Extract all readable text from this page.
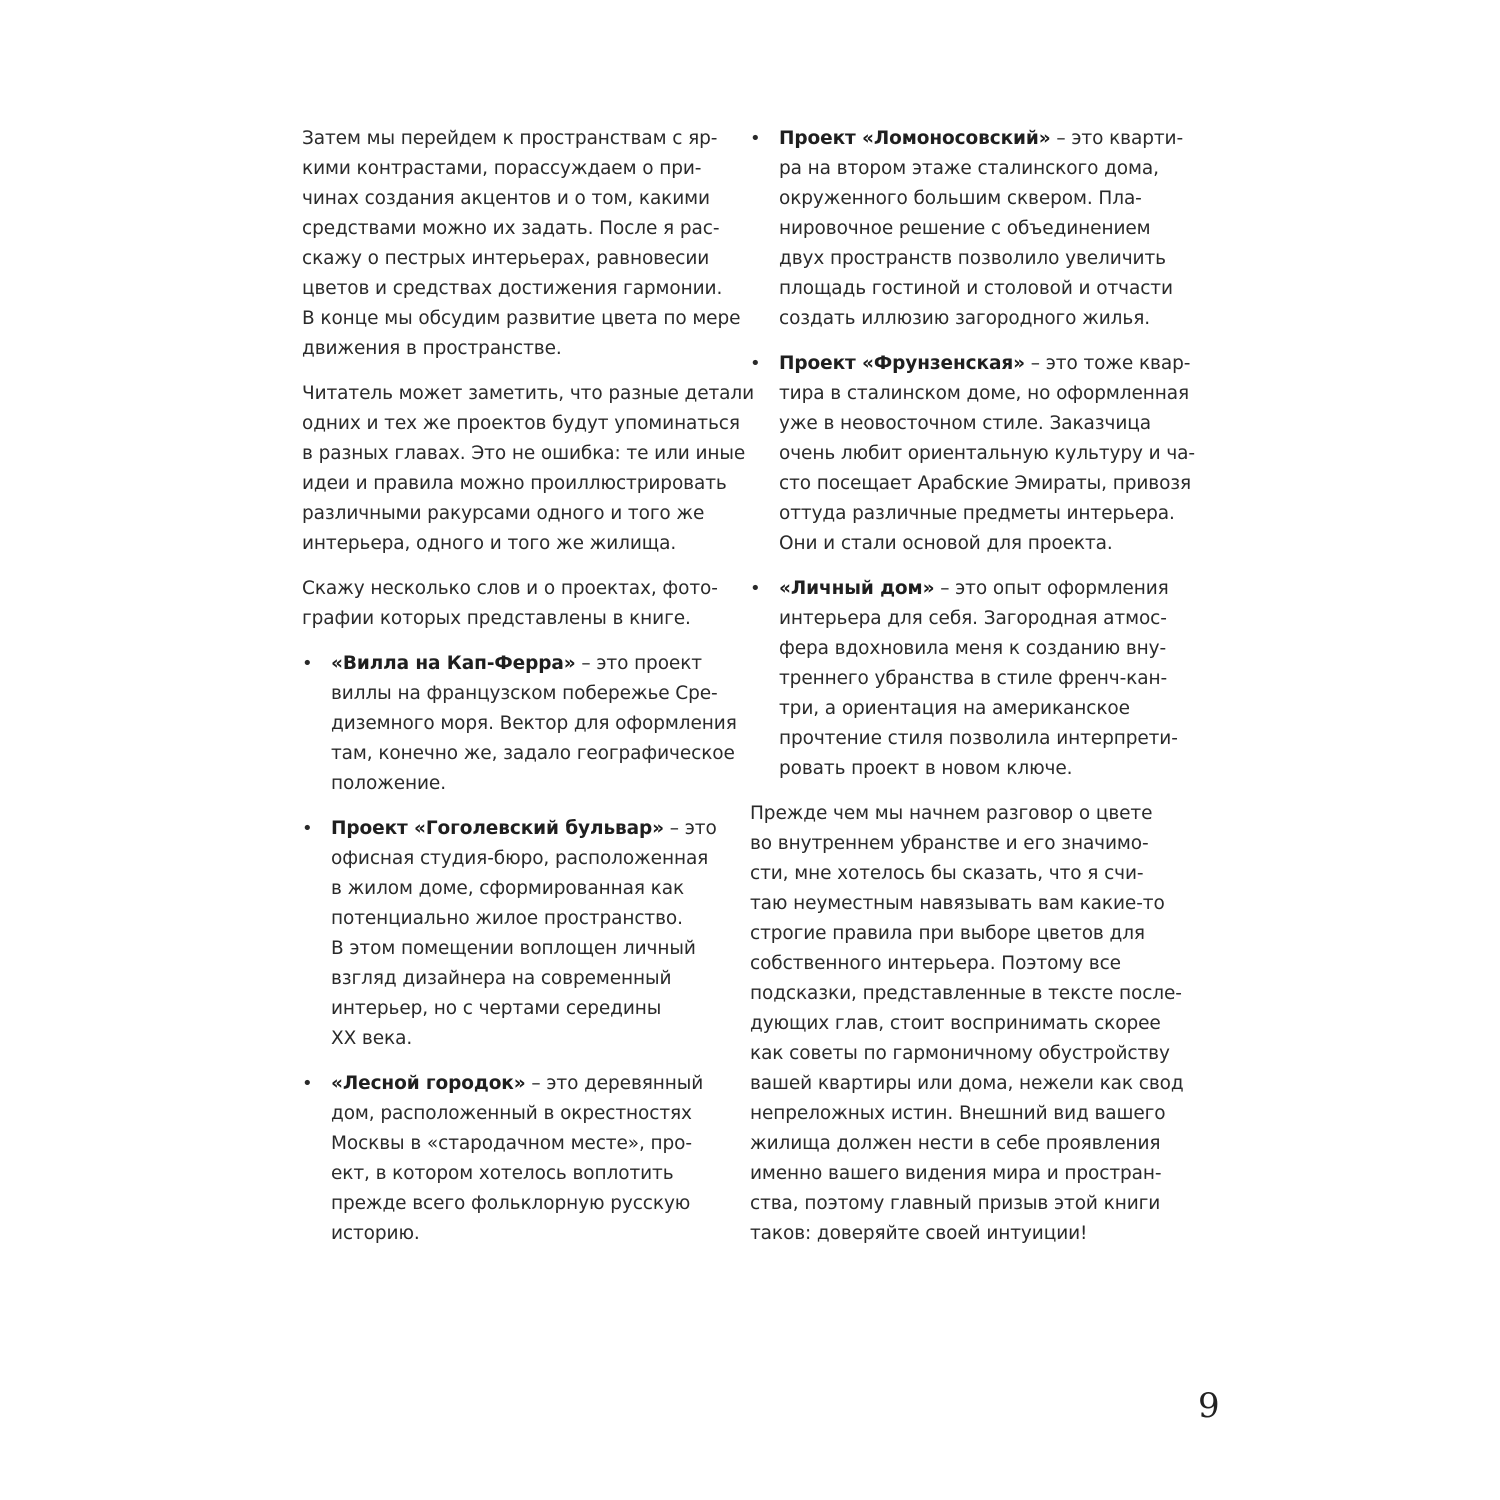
Затем мы перейдем к пространствам с яр-
кими контрастами, порассуждаем о при-
чинах создания акцентов и о том, какими
средствами можно их задать. После я рас-
скажу о пестрых интерьерах, равновесии
цветов и средствах достижения гармонии.
В конце мы обсудим развитие цвета по мере
движения в пространстве.
Читатель может заметить, что разные детали
одних и тех же проектов будут упоминаться
в разных главах. Это не ошибка: те или иные
идеи и правила можно проиллюстрировать
различными ракурсами одного и того же
интерьера, одного и того же жилища.
Скажу несколько слов и о проектах, фото-
графии которых представлены в книге.
• «Вилла на Кап-Ферра» – это проект
виллы на французском побережье Сре-
диземного моря. Вектор для оформления
там, конечно же, задало географическое
положение.
• Проект «Гоголевский бульвар» – это
офисная студия-бюро, расположенная
в жилом доме, сформированная как
потенциально жилое пространство.
В этом помещении воплощен личный
взгляд дизайнера на современный
интерьер, но с чертами середины
XX века.
• «Лесной городок» – это деревянный
дом, расположенный в окрестностях
Москвы в «стародачном месте», про-
ект, в котором хотелось воплотить
прежде всего фольклорную русскую
историю.
• Проект «Ломоносовский» – это кварти-
ра на втором этаже сталинского дома,
окруженного большим сквером. Пла-
нировочное решение с объединением
двух пространств позволило увеличить
площадь гостиной и столовой и отчасти
создать иллюзию загородного жилья.
• Проект «Фрунзенская» – это тоже квар-
тира в сталинском доме, но оформленная
уже в неовосточном стиле. Заказчица
очень любит ориентальную культуру и ча-
сто посещает Арабские Эмираты, привозя
оттуда различные предметы интерьера.
Они и стали основой для проекта.
• «Личный дом» – это опыт оформления
интерьера для себя. Загородная атмос-
фера вдохновила меня к созданию вну-
треннего убранства в стиле френч-кан-
три, а ориентация на американское
прочтение стиля позволила интерпрети-
ровать проект в новом ключе.
Прежде чем мы начнем разговор о цвете
во внутреннем убранстве и его значимо-
сти, мне хотелось бы сказать, что я счи-
таю неуместным навязывать вам какие-то
строгие правила при выборе цветов для
собственного интерьера. Поэтому все
подсказки, представленные в тексте после-
дующих глав, стоит воспринимать скорее
как советы по гармоничному обустройству
вашей квартиры или дома, нежели как свод
непреложных истин. Внешний вид вашего
жилища должен нести в себе проявления
именно вашего видения мира и простран-
ства, поэтому главный призыв этой книги
таков: доверяйте своей интуиции!
9
